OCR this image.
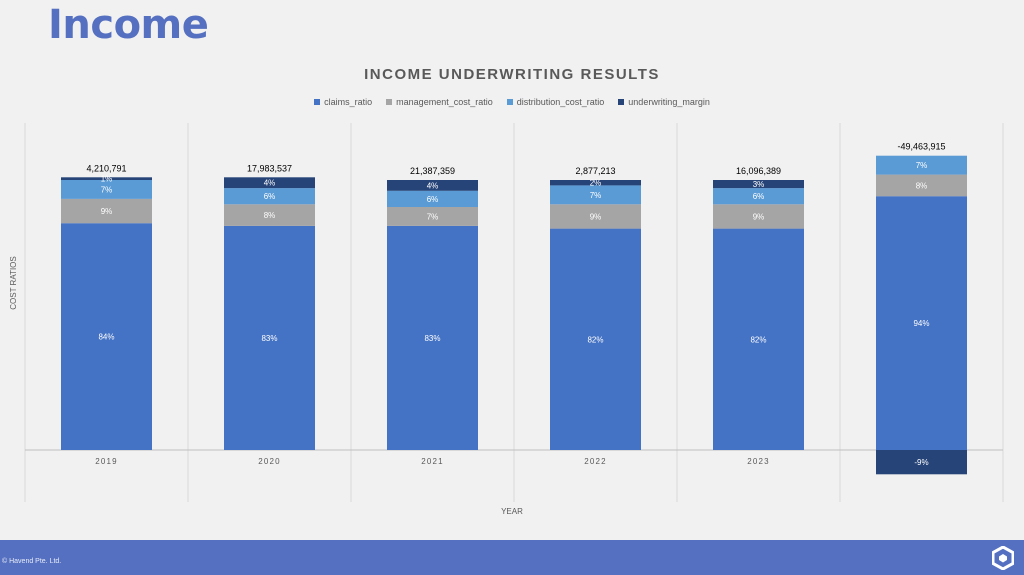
Income
INCOME UNDERWRITING RESULTS
claims_ratio	management_cost_ratio	distribution_cost_ratio	underwriting_margin
84%
9%
7%
1%
4,210,791
2019
83%
8%
6%
4%
17,983,537
2020
83%
7%
6%
4%
21,387,359
2021
82%
9%
7%
2%
2,877,213
2022
82%
9%
6%
3%
16,096,389
2023
94%
8%
7%
-9%
-49,463,915
COST RATIOS
YEAR
© Havend Pte. Ltd.
